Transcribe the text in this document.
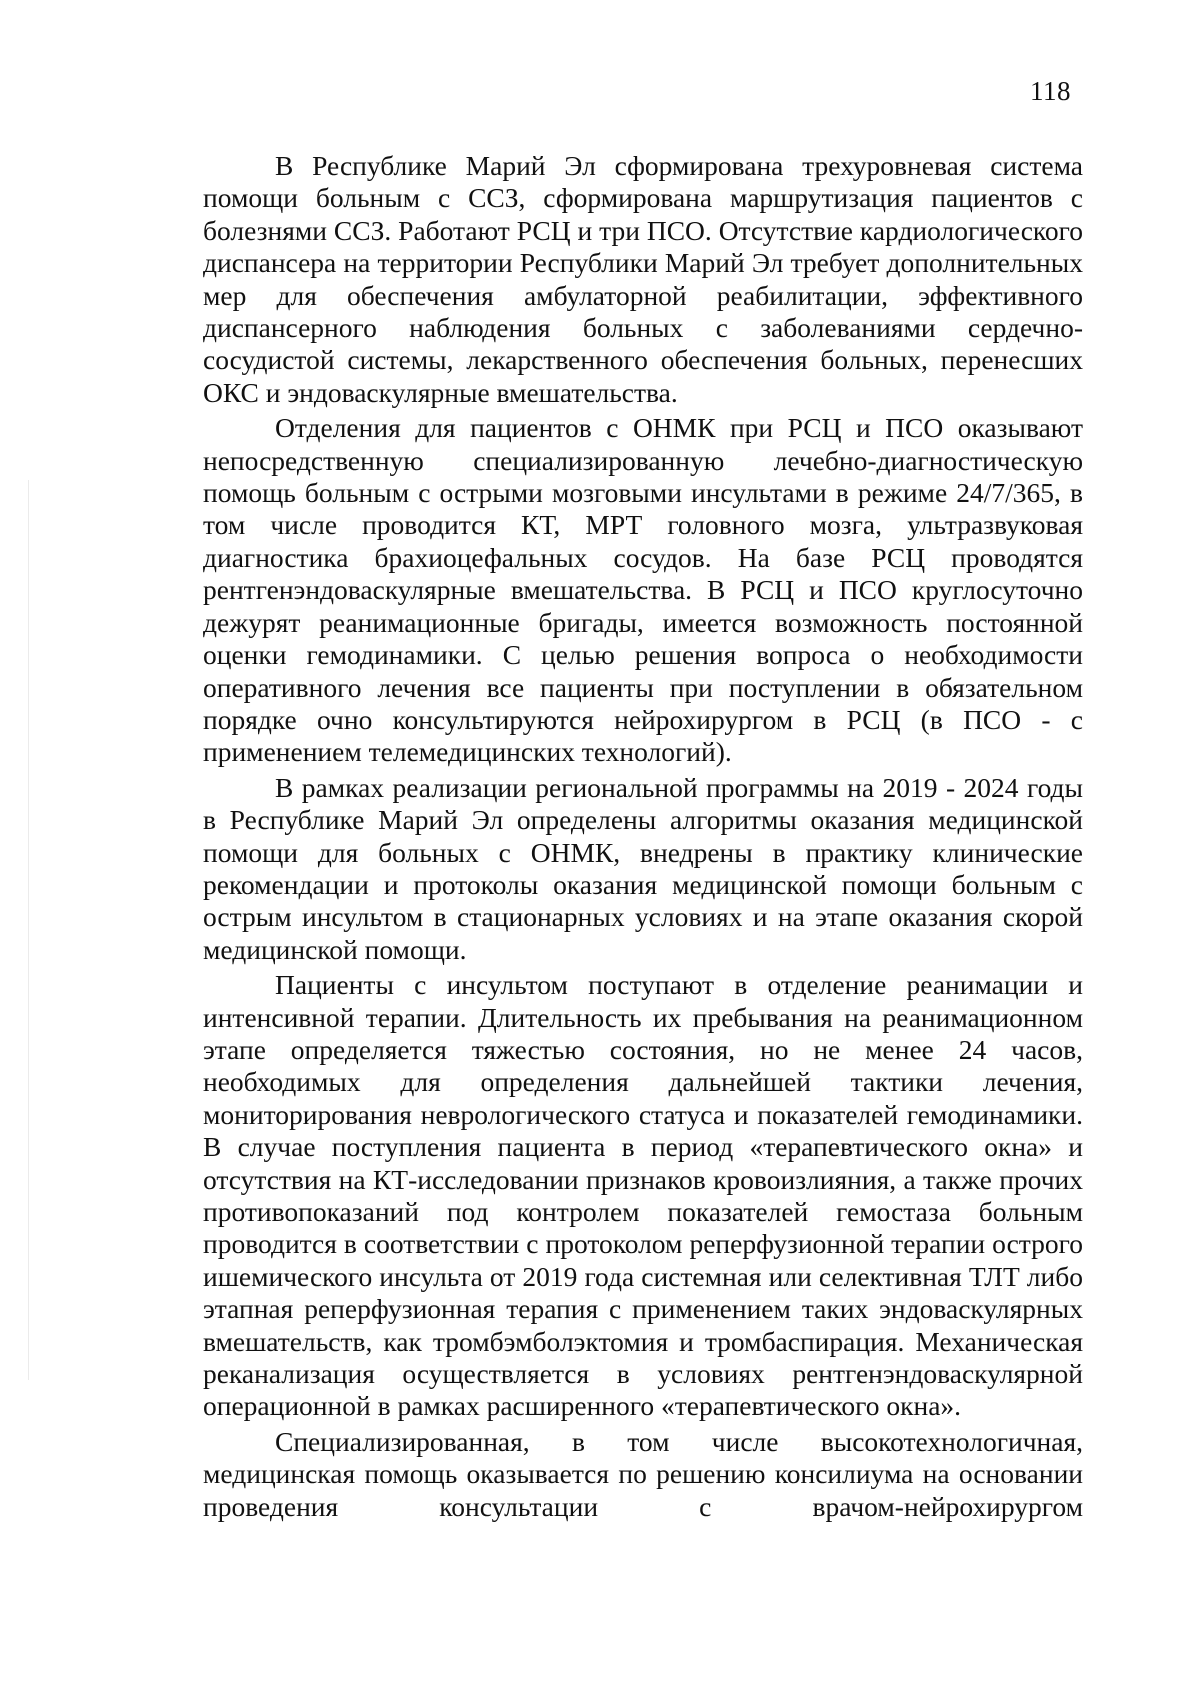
118

В Республике Марий Эл сформирована трехуровневая система помощи больным с ССЗ, сформирована маршрутизация пациентов с болезнями ССЗ. Работают РСЦ и три ПСО. Отсутствие кардиологического диспансера на территории Республики Марий Эл требует дополнительных мер для обеспечения амбулаторной реабилитации, эффективного диспансерного наблюдения больных с заболеваниями сердечно-сосудистой системы, лекарственного обеспечения больных, перенесших ОКС и эндоваскулярные вмешательства.

Отделения для пациентов с ОНМК при РСЦ и ПСО оказывают непосредственную специализированную лечебно-диагностическую помощь больным с острыми мозговыми инсультами в режиме 24/7/365, в том числе проводится КТ, МРТ головного мозга, ультразвуковая диагностика брахиоцефальных сосудов. На базе РСЦ проводятся рентгенэндоваскулярные вмешательства. В РСЦ и ПСО круглосуточно дежурят реанимационные бригады, имеется возможность постоянной оценки гемодинамики. С целью решения вопроса о необходимости оперативного лечения все пациенты при поступлении в обязательном порядке очно консультируются нейрохирургом в РСЦ (в ПСО - с применением телемедицинских технологий).

В рамках реализации региональной программы на 2019 - 2024 годы в Республике Марий Эл определены алгоритмы оказания медицинской помощи для больных с ОНМК, внедрены в практику клинические рекомендации и протоколы оказания медицинской помощи больным с острым инсультом в стационарных условиях и на этапе оказания скорой медицинской помощи.

Пациенты с инсультом поступают в отделение реанимации и интенсивной терапии. Длительность их пребывания на реанимационном этапе определяется тяжестью состояния, но не менее 24 часов, необходимых для определения дальнейшей тактики лечения, мониторирования неврологического статуса и показателей гемодинамики. В случае поступления пациента в период «терапевтического окна» и отсутствия на КТ-исследовании признаков кровоизлияния, а также прочих противопоказаний под контролем показателей гемостаза больным проводится в соответствии с протоколом реперфузионной терапии острого ишемического инсульта от 2019 года системная или селективная ТЛТ либо этапная реперфузионная терапия с применением таких эндоваскулярных вмешательств, как тромбэмболэктомия и тромбаспирация. Механическая реканализация осуществляется в условиях рентгенэндоваскулярной операционной в рамках расширенного «терапевтического окна».

Специализированная, в том числе высокотехнологичная, медицинская помощь оказывается по решению консилиума на основании проведения консультации с врачом-нейрохирургом
